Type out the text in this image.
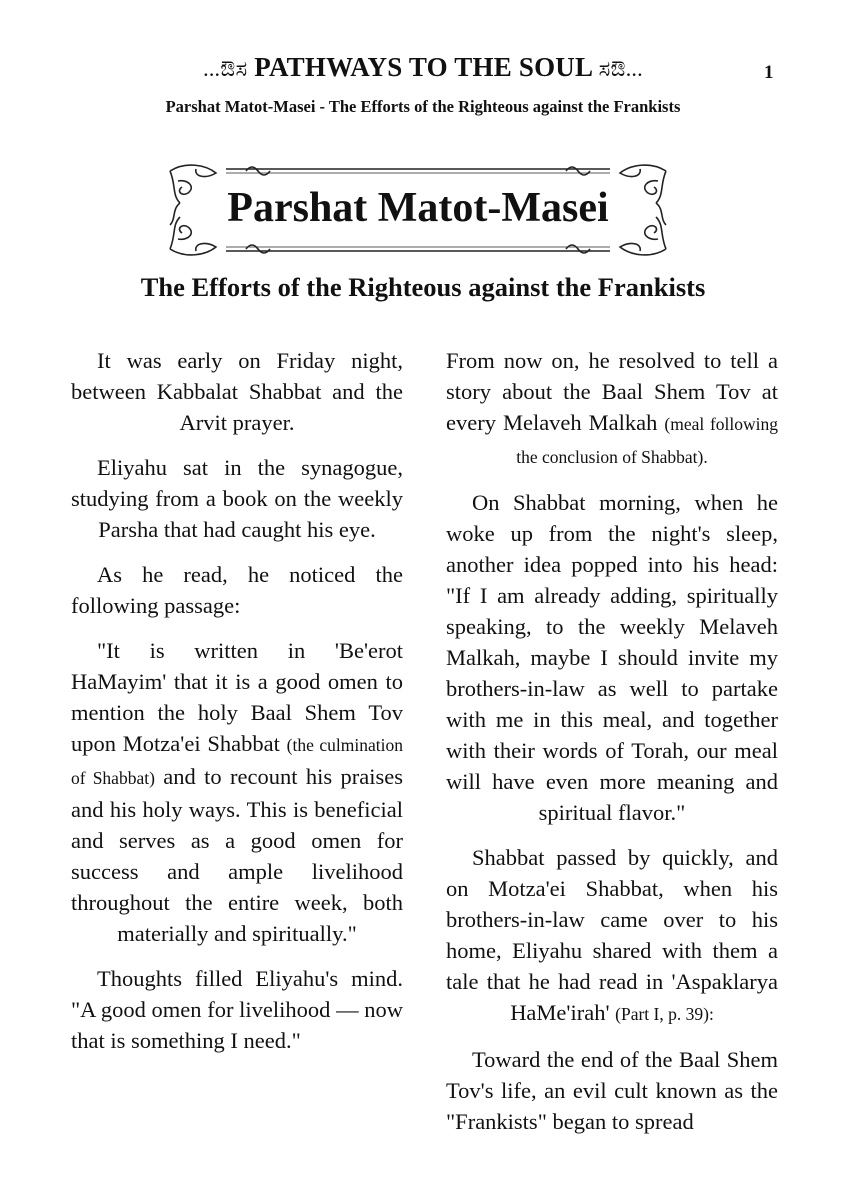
...ಔಸ PATHWAYS TO THE SOUL ಸಔ...	1
Parshat Matot-Masei - The Efforts of the Righteous against the Frankists
Parshat Matot-Masei
The Efforts of the Righteous against the Frankists

It was early on Friday night, between Kabbalat Shabbat and the Arvit prayer.

Eliyahu sat in the synagogue, studying from a book on the weekly Parsha that had caught his eye.

As he read, he noticed the following passage:

"It is written in 'Be'erot HaMayim' that it is a good omen to mention the holy Baal Shem Tov upon Motza'ei Shabbat (the culmination of Shabbat) and to recount his praises and his holy ways. This is beneficial and serves as a good omen for success and ample livelihood throughout the entire week, both materially and spiritually."

Thoughts filled Eliyahu's mind. "A good omen for livelihood — now that is something I need."

From now on, he resolved to tell a story about the Baal Shem Tov at every Melaveh Malkah (meal following the conclusion of Shabbat).

On Shabbat morning, when he woke up from the night's sleep, another idea popped into his head: "If I am already adding, spiritually speaking, to the weekly Melaveh Malkah, maybe I should invite my brothers-in-law as well to partake with me in this meal, and together with their words of Torah, our meal will have even more meaning and spiritual flavor."

Shabbat passed by quickly, and on Motza'ei Shabbat, when his brothers-in-law came over to his home, Eliyahu shared with them a tale that he had read in 'Aspaklarya HaMe'irah' (Part I, p. 39):

Toward the end of the Baal Shem Tov's life, an evil cult known as the "Frankists" began to spread
